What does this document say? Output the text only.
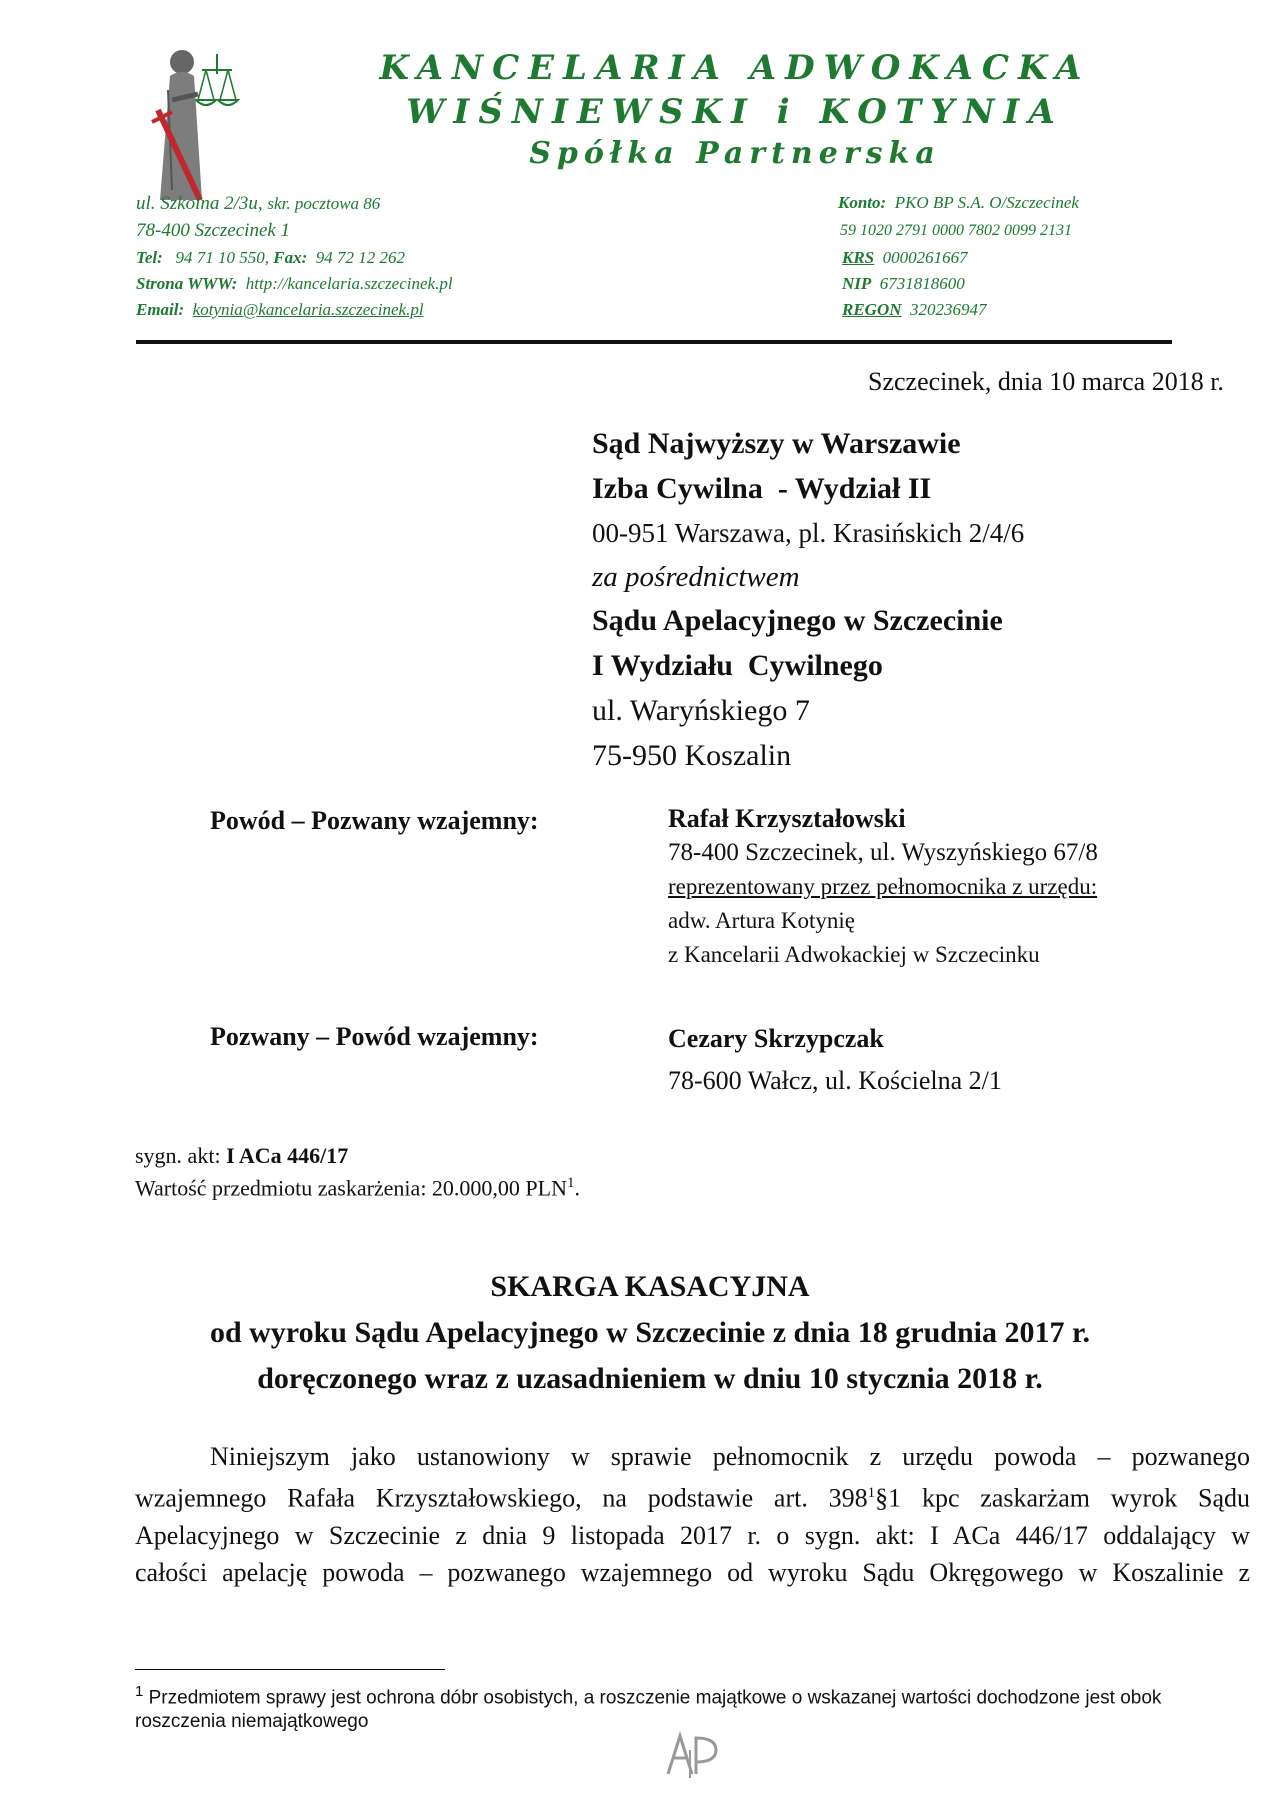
KANCELARIA ADWOKACKA
WIŚNIEWSKI i KOTYNIA
Spółka Partnerska
ul. Szkolna 2/3u, skr. pocztowa 86
78-400 Szczecinek 1
Tel: 94 71 10 550, Fax: 94 72 12 262
Strona WWW: http://kancelaria.szczecinek.pl
Email: kotynia@kancelaria.szczecinek.pl
Konto: PKO BP S.A. O/Szczecinek
59 1020 2791 0000 7802 0099 2131
KRS 0000261667
NIP 6731818600
REGON 320236947
Szczecinek, dnia 10 marca 2018 r.
Sąd Najwyższy w Warszawie
Izba Cywilna  - Wydział II
00-951 Warszawa, pl. Krasińskich 2/4/6
za pośrednictwem
Sądu Apelacyjnego w Szczecinie
I Wydziału  Cywilnego
ul. Waryńskiego 7
75-950 Koszalin
Powód – Pozwany wzajemny:	Rafał Krzyształowski
78-400 Szczecinek, ul. Wyszyńskiego 67/8
reprezentowany przez pełnomocnika z urzędu:
adw. Artura Kotynię
z Kancelarii Adwokackiej w Szczecinku
Pozwany – Powód wzajemny:	Cezary Skrzypczak
78-600 Wałcz, ul. Kościelna 2/1
sygn. akt: I ACa 446/17
Wartość przedmiotu zaskarżenia: 20.000,00 PLN$^1$.
SKARGA KASACYJNA
od wyroku Sądu Apelacyjnego w Szczecinie z dnia 18 grudnia 2017 r.
doręczonego wraz z uzasadnieniem w dniu 10 stycznia 2018 r.
Niniejszym jako ustanowiony w sprawie pełnomocnik z urzędu powoda – pozwanego
wzajemnego Rafała Krzyształowskiego, na podstawie art. $398^1\S 1$ kpc zaskarżam wyrok Sądu
Apelacyjnego w Szczecinie z dnia 9 listopada 2017 r. o sygn. akt: I ACa 446/17 oddalający w
całości apelację powoda – pozwanego wzajemnego od wyroku Sądu Okręgowego w Koszalinie z
$^1$ Przedmiotem sprawy jest ochrona dóbr osobistych, a roszczenie majątkowe o wskazanej wartości dochodzone jest obok roszczenia niemajątkowego
